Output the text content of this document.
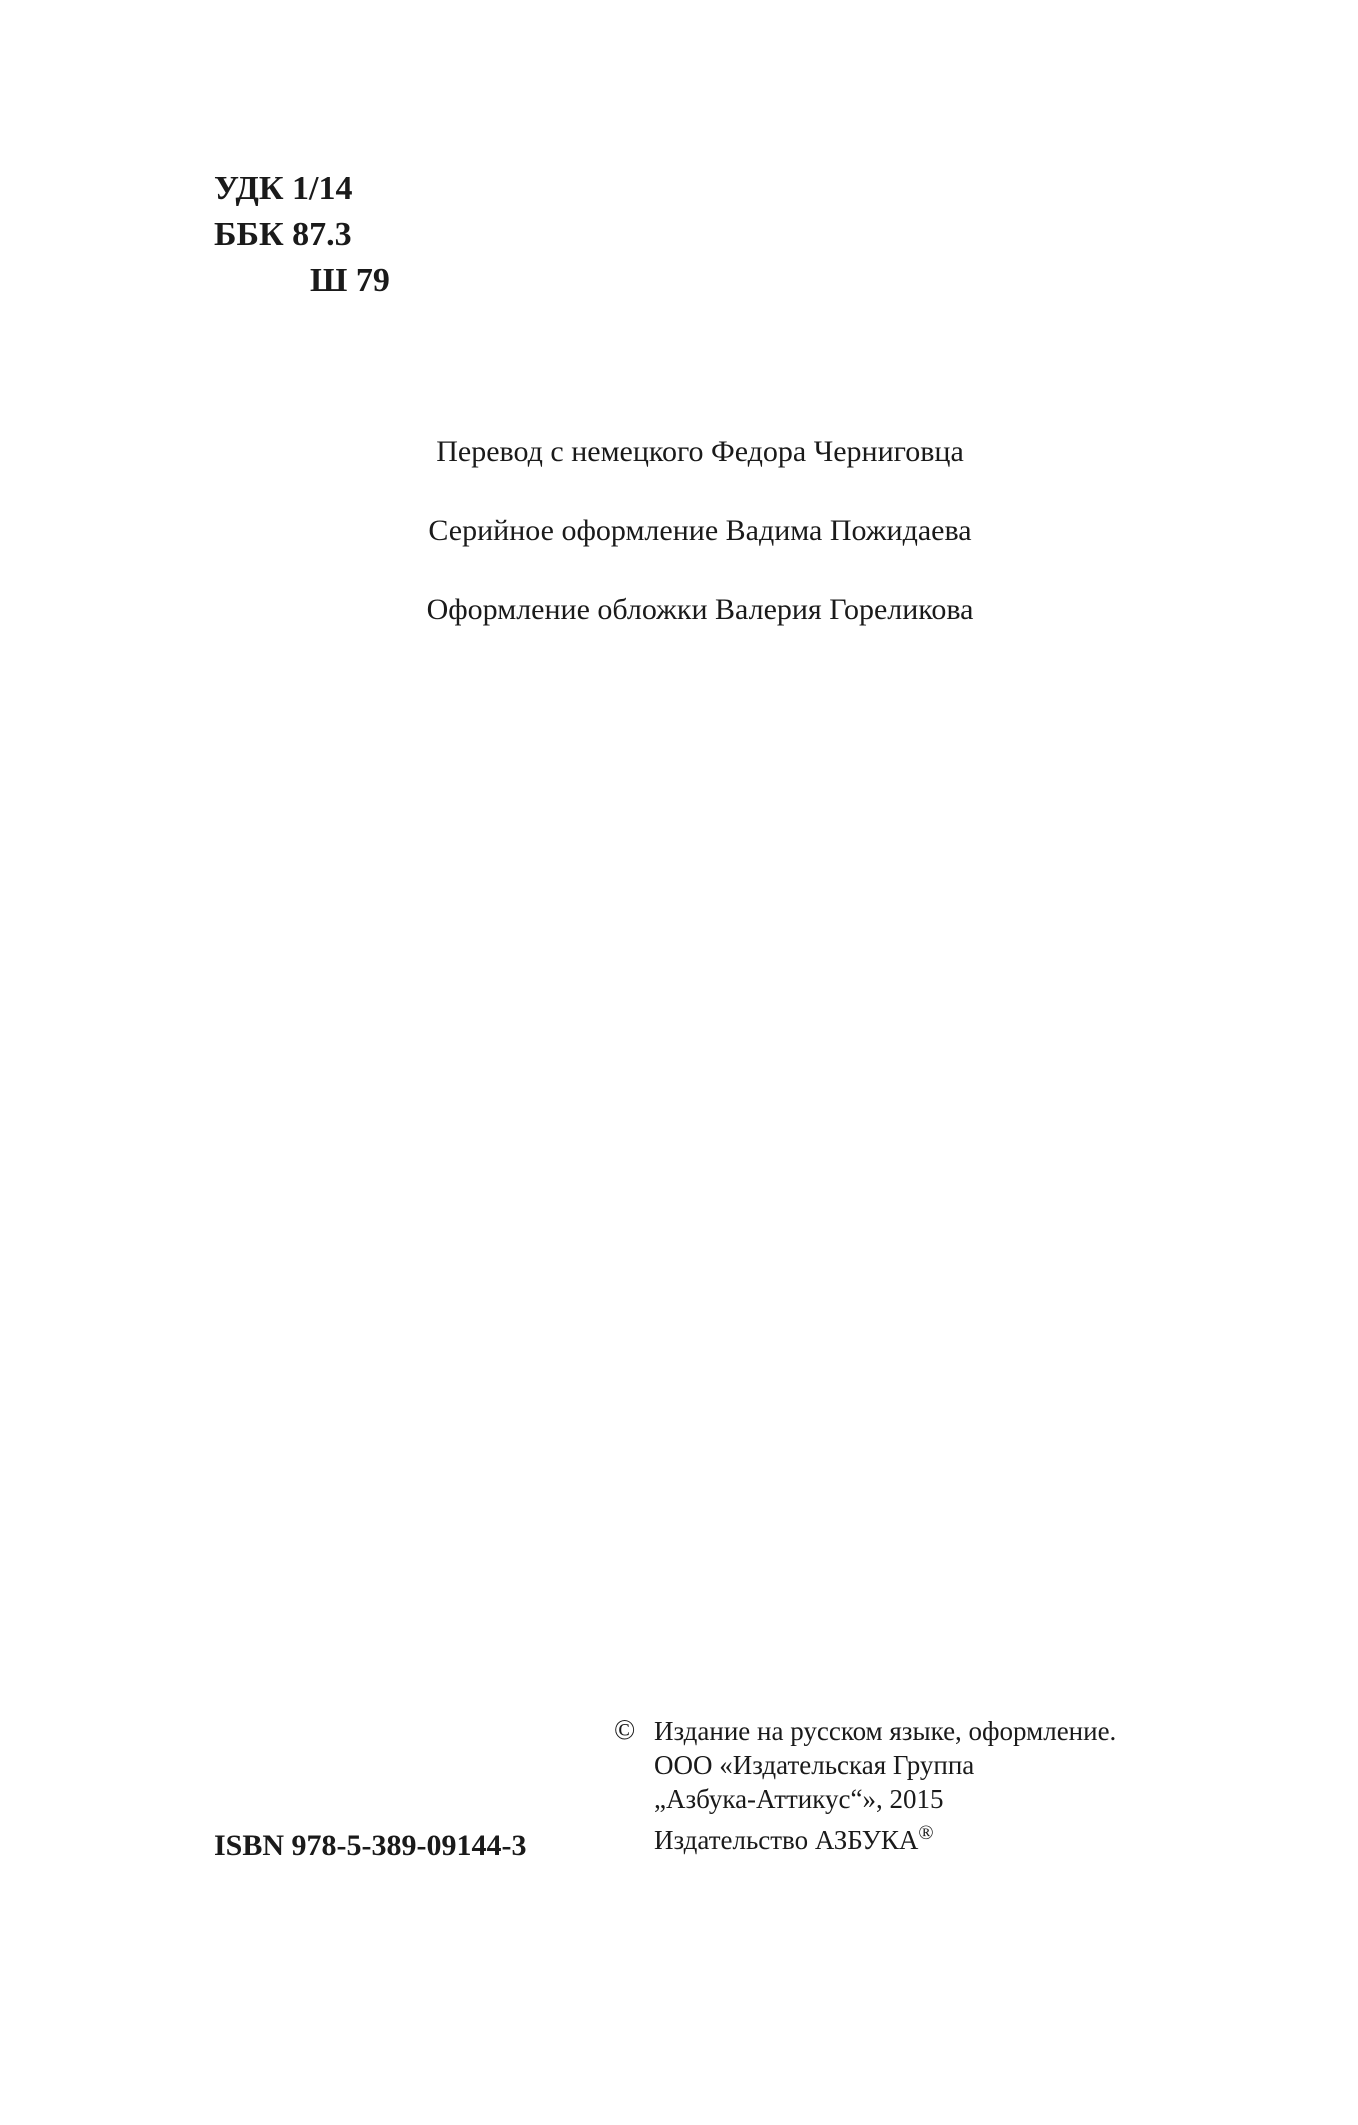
УДК 1/14
ББК 87.3
Ш 79
Перевод с немецкого Федора Черниговца
Серийное оформление Вадима Пожидаева
Оформление обложки Валерия Гореликова
ISBN 978-5-389-09144-3
© Издание на русском языке, оформление.
ООО «Издательская Группа
„Азбука-Аттикус“», 2015
Издательство АЗБУКА®
